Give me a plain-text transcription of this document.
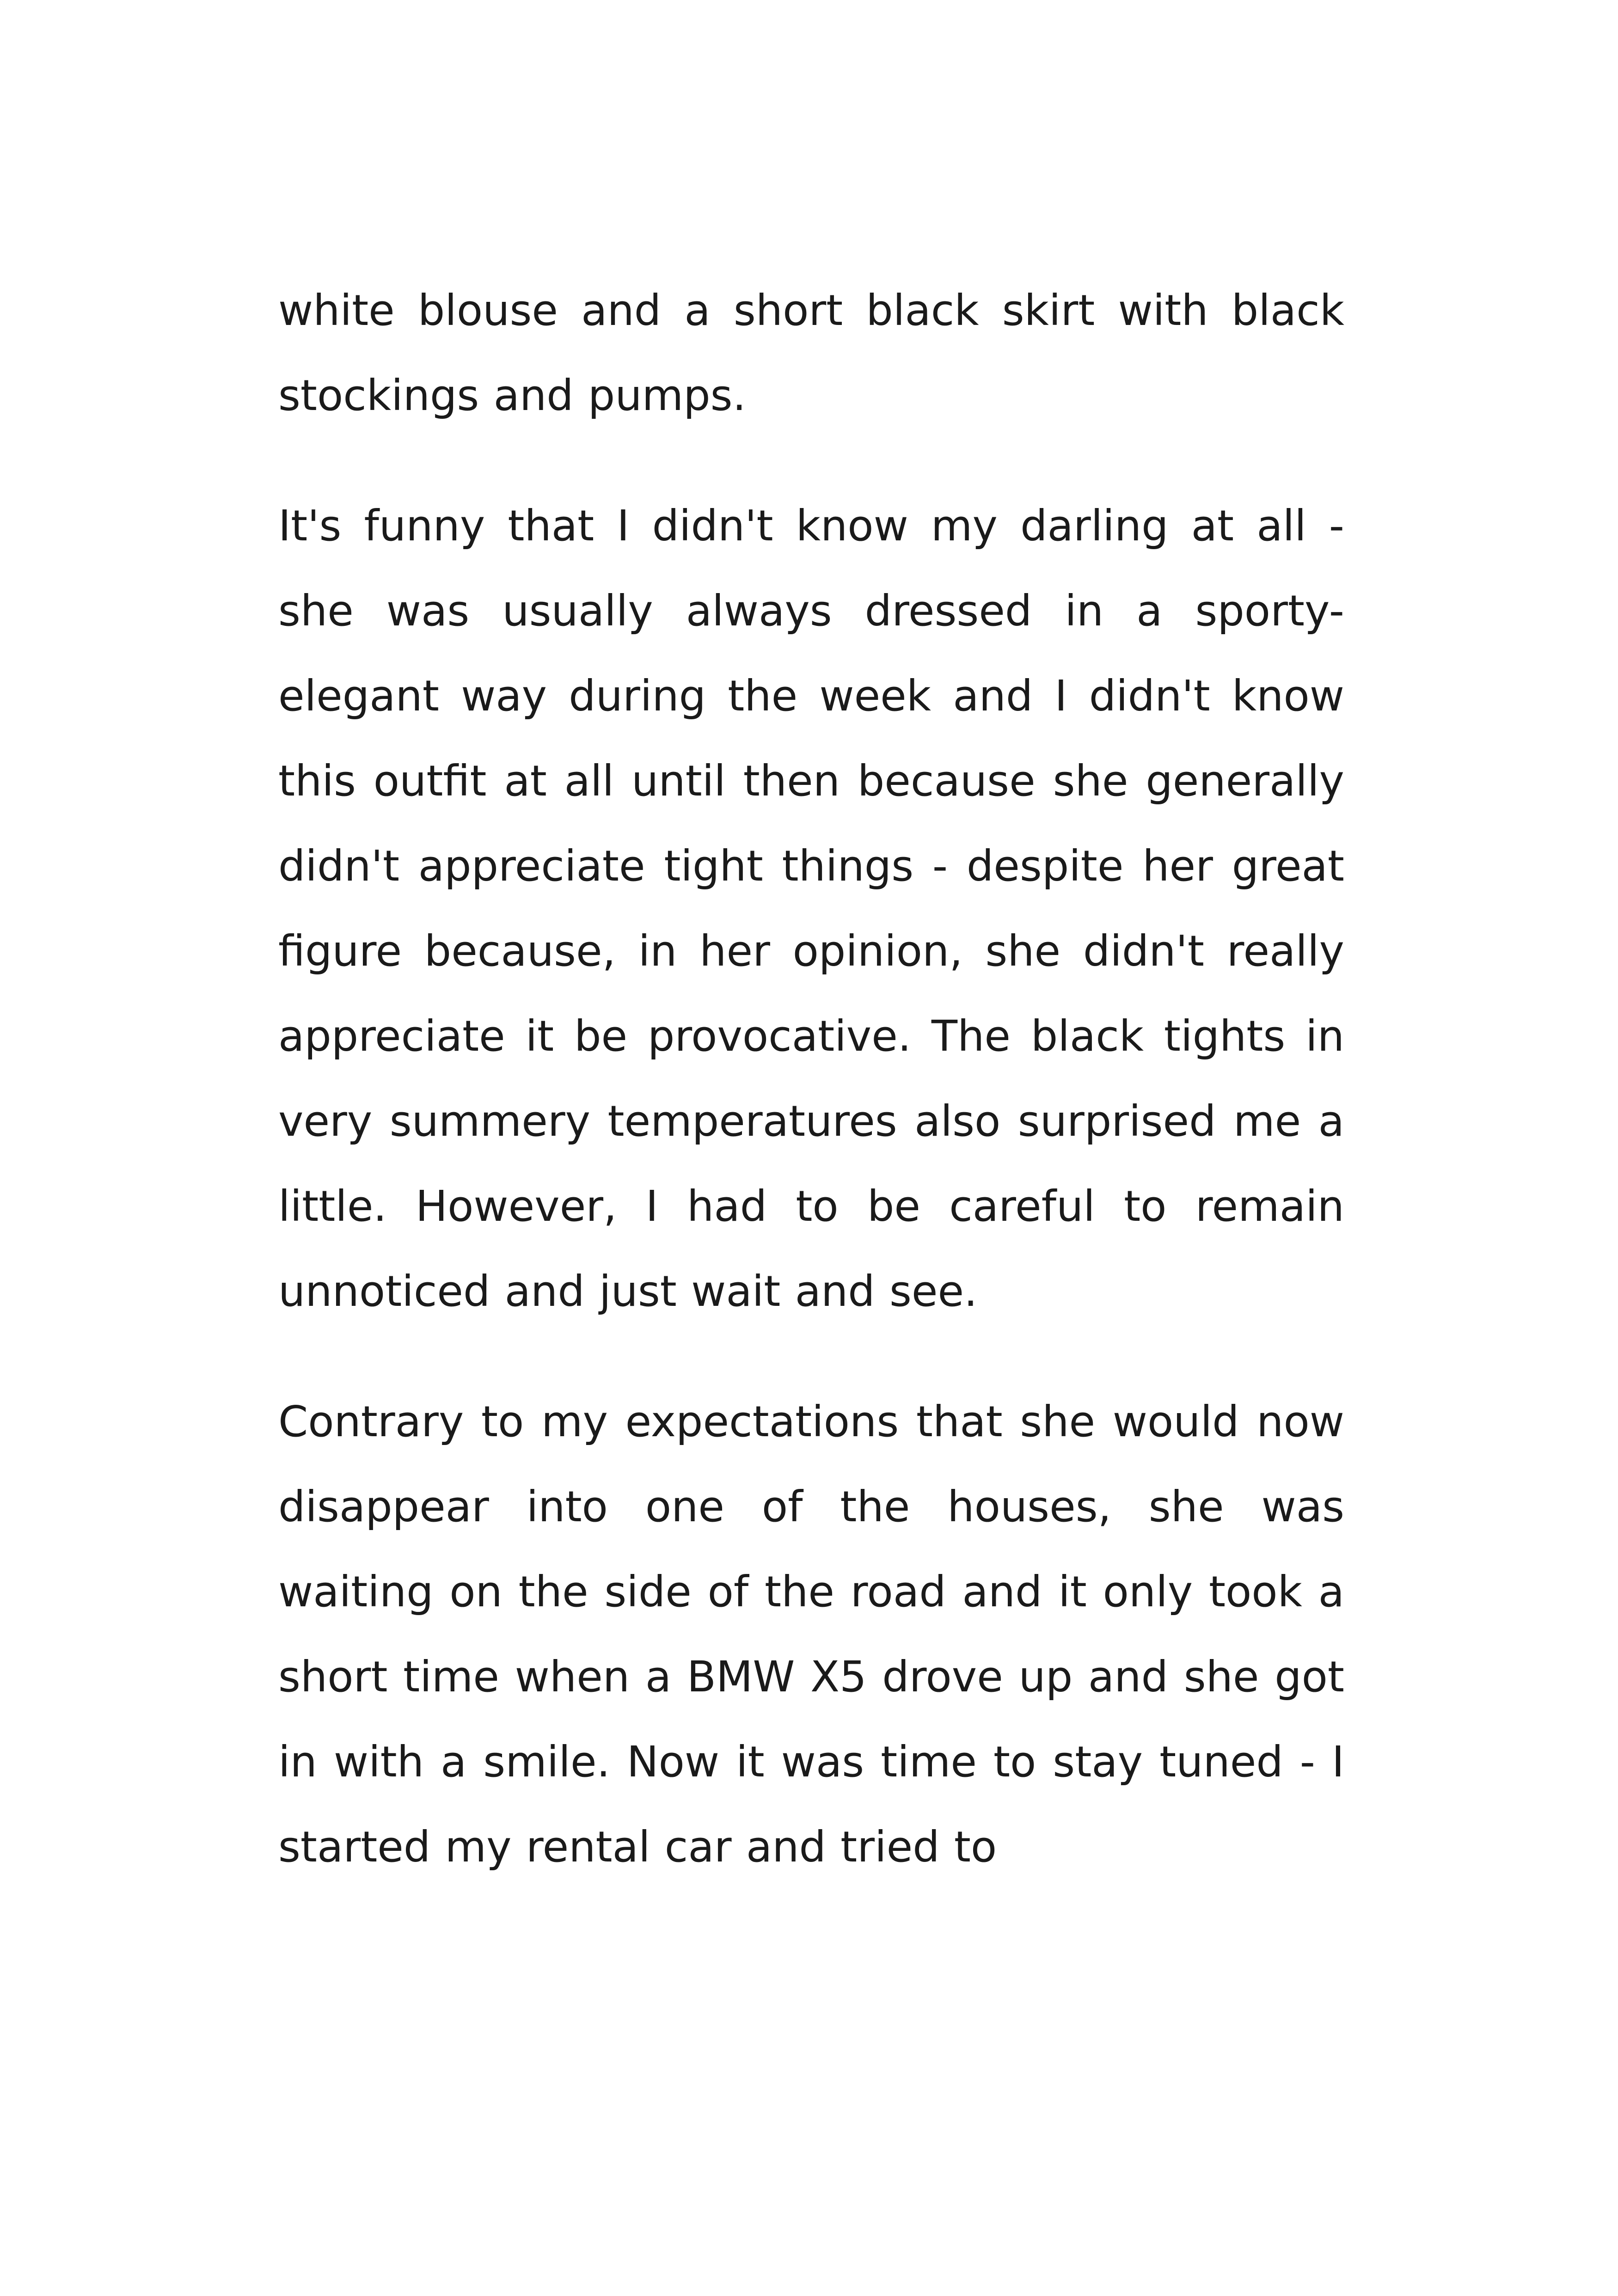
white blouse and a short black skirt with black stockings and pumps.

It's funny that I didn't know my darling at all - she was usually always dressed in a sporty-elegant way during the week and I didn't know this outfit at all until then because she generally didn't appreciate tight things - despite her great figure because, in her opinion, she didn't really appreciate it be provocative. The black tights in very summery temperatures also surprised me a little. However, I had to be careful to remain unnoticed and just wait and see.

Contrary to my expectations that she would now disappear into one of the houses, she was waiting on the side of the road and it only took a short time when a BMW X5 drove up and she got in with a smile. Now it was time to stay tuned - I started my rental car and tried to
